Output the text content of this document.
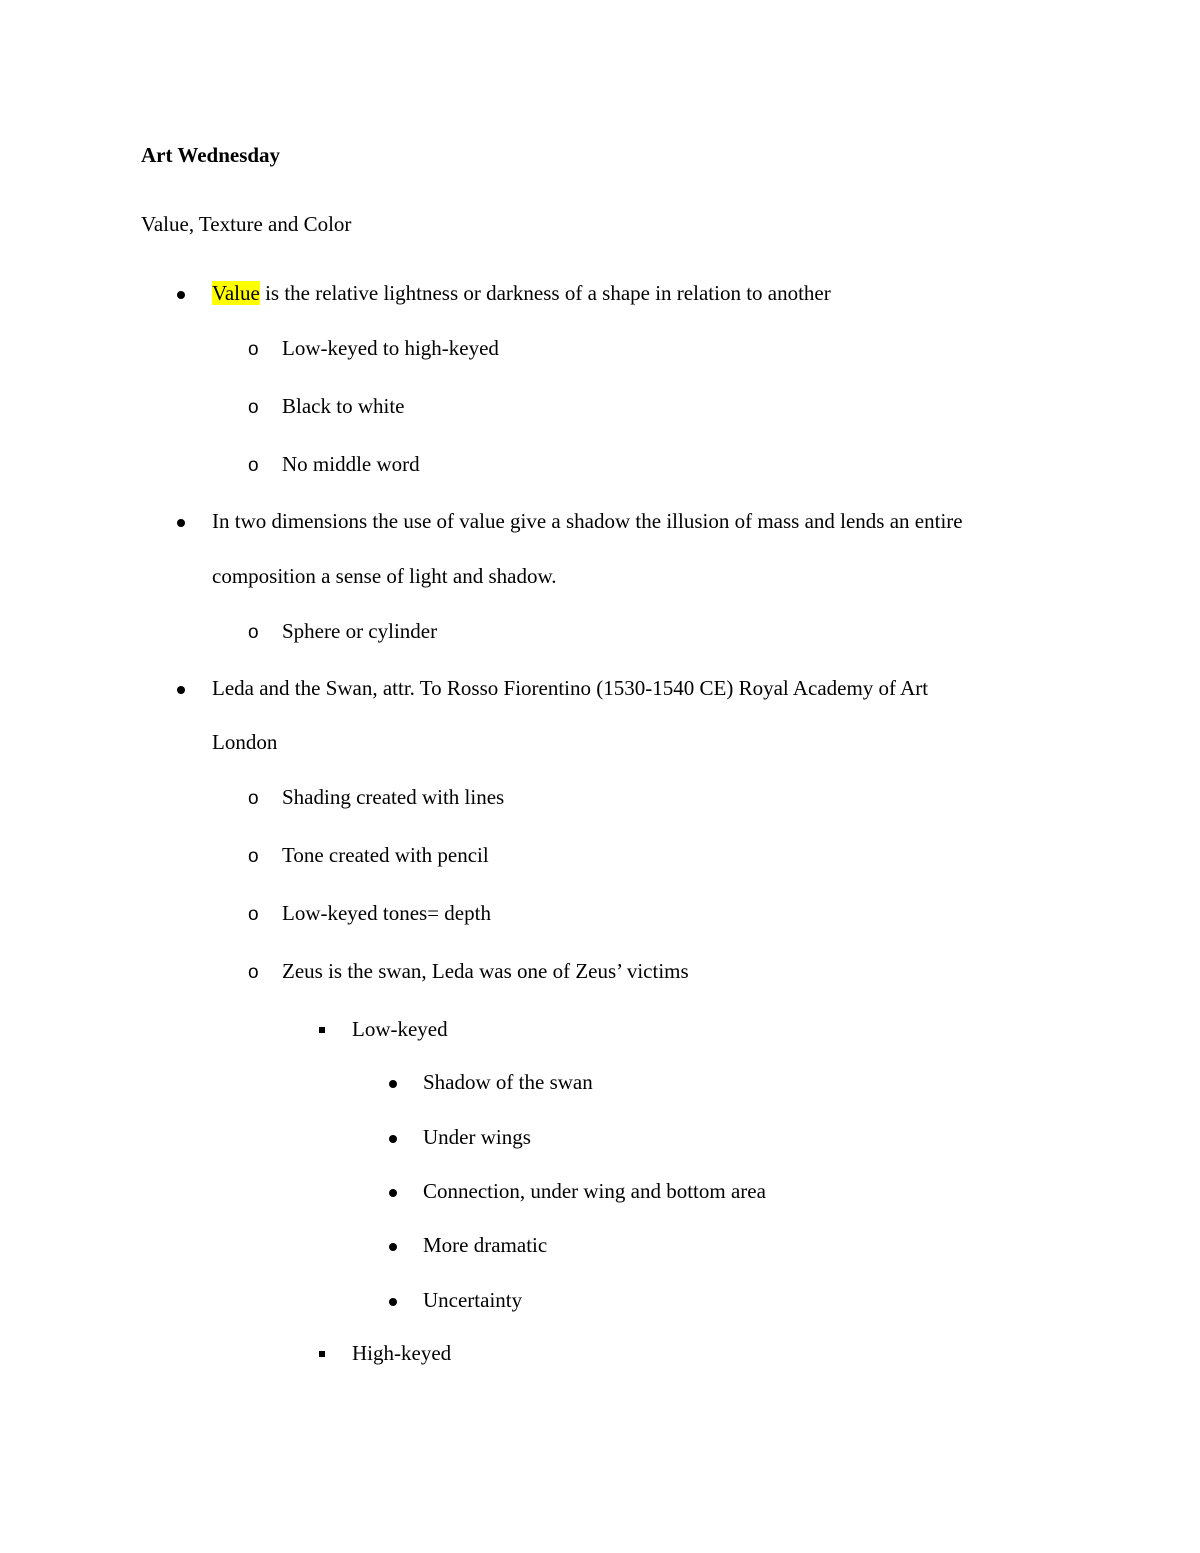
Art Wednesday
Value, Texture and Color
Value is the relative lightness or darkness of a shape in relation to another
o Low-keyed to high-keyed
o Black to white
o No middle word
In two dimensions the use of value give a shadow the illusion of mass and lends an entire
composition a sense of light and shadow.
o Sphere or cylinder
Leda and the Swan, attr. To Rosso Fiorentino (1530-1540 CE) Royal Academy of Art
London
o Shading created with lines
o Tone created with pencil
o Low-keyed tones= depth
o Zeus is the swan, Leda was one of Zeus’ victims
Low-keyed
Shadow of the swan
Under wings
Connection, under wing and bottom area
More dramatic
Uncertainty
High-keyed
